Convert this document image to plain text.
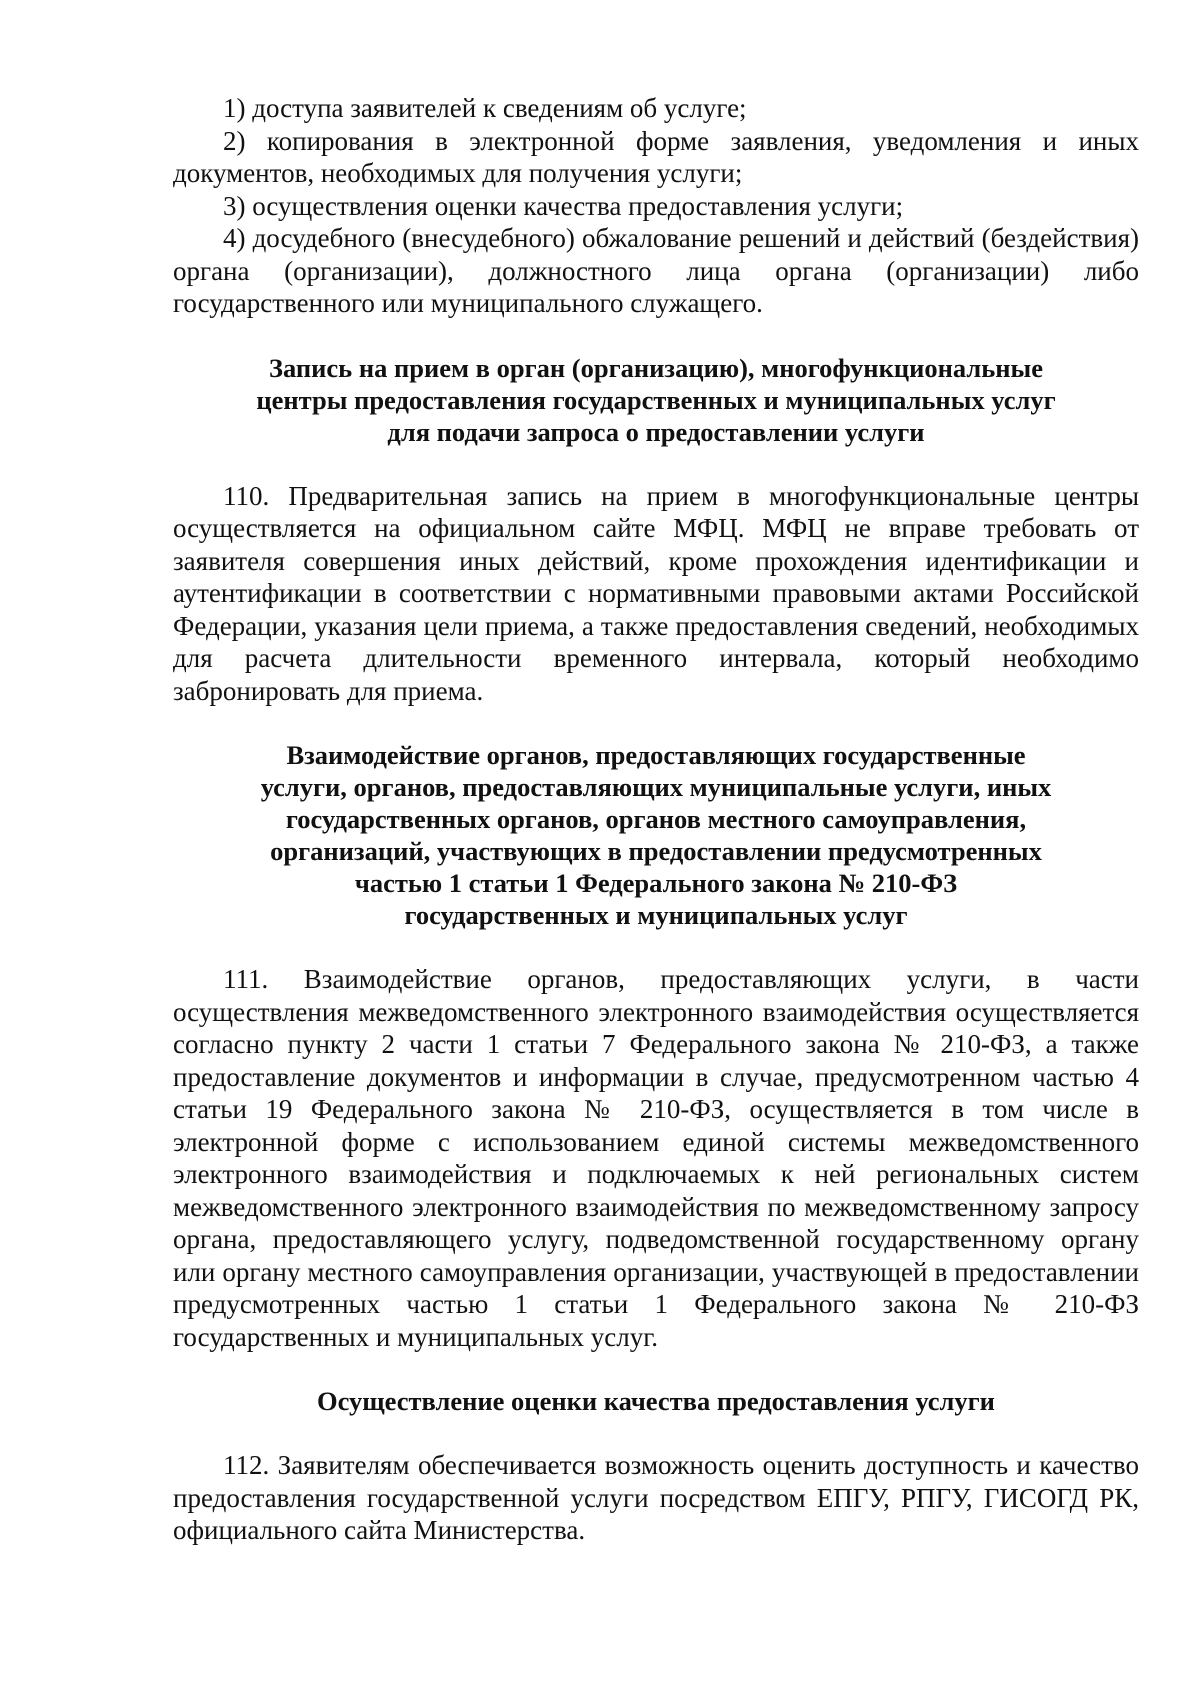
1) доступа заявителей к сведениям об услуге;

2) копирования в электронной форме заявления, уведомления и иных документов, необходимых для получения услуги;

3) осуществления оценки качества предоставления услуги;

4) досудебного (внесудебного) обжалование решений и действий (бездействия) органа (организации), должностного лица органа (организации) либо государственного или муниципального служащего.

Запись на прием в орган (организацию), многофункциональные
центры предоставления государственных и муниципальных услуг
для подачи запроса о предоставлении услуги

110. Предварительная запись на прием в многофункциональные центры осуществляется на официальном сайте МФЦ. МФЦ не вправе требовать от заявителя совершения иных действий, кроме прохождения идентификации и аутентификации в соответствии с нормативными правовыми актами Российской Федерации, указания цели приема, а также предоставления сведений, необходимых для расчета длительности временного интервала, который необходимо забронировать для приема.

Взаимодействие органов, предоставляющих государственные
услуги, органов, предоставляющих муниципальные услуги, иных
государственных органов, органов местного самоуправления,
организаций, участвующих в предоставлении предусмотренных
частью 1 статьи 1 Федерального закона № 210-ФЗ
государственных и муниципальных услуг

111. Взаимодействие органов, предоставляющих услуги, в части осуществления межведомственного электронного взаимодействия осуществляется согласно пункту 2 части 1 статьи 7 Федерального закона № 210-ФЗ, а также предоставление документов и информации в случае, предусмотренном частью 4 статьи 19 Федерального закона № 210-ФЗ, осуществляется в том числе в электронной форме с использованием единой системы межведомственного электронного взаимодействия и подключаемых к ней региональных систем межведомственного электронного взаимодействия по межведомственному запросу органа, предоставляющего услугу, подведомственной государственному органу или органу местного самоуправления организации, участвующей в предоставлении предусмотренных частью 1 статьи 1 Федерального закона № 210-ФЗ государственных и муниципальных услуг.

Осуществление оценки качества предоставления услуги

112. Заявителям обеспечивается возможность оценить доступность и качество предоставления государственной услуги посредством ЕПГУ, РПГУ, ГИСОГД РК, официального сайта Министерства.
